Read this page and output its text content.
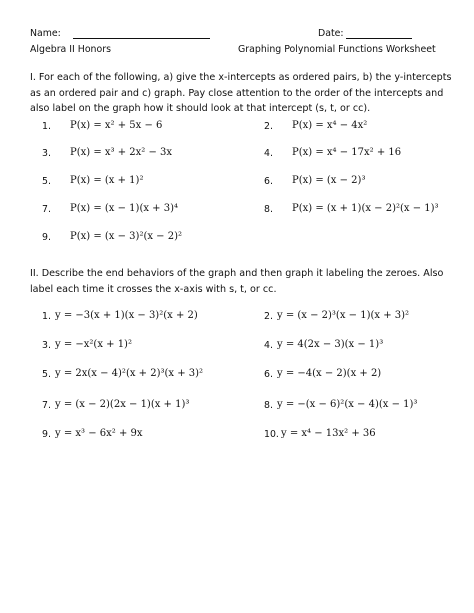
Name:	Date:
Algebra II Honors	Graphing Polynomial Functions Worksheet
I. For each of the following, a) give the x-intercepts as ordered pairs, b) the y-intercepts
as an ordered pair and c) graph. Pay close attention to the order of the intercepts and
also label on the graph how it should look at that intercept (s, t, or cc).
1. P(x) = x² + 5x − 6	2. P(x) = x⁴ − 4x²
3. P(x) = x³ + 2x² − 3x	4. P(x) = x⁴ − 17x² + 16
5. P(x) = (x + 1)²	6. P(x) = (x − 2)³
7. P(x) = (x − 1)(x + 3)⁴	8. P(x) = (x + 1)(x − 2)²(x − 1)³
9. P(x) = (x − 3)²(x − 2)²
II. Describe the end behaviors of the graph and then graph it labeling the zeroes. Also
label each time it crosses the x-axis with s, t, or cc.
1. y = −3(x + 1)(x − 3)²(x + 2)	2. y = (x − 2)³(x − 1)(x + 3)²
3. y = −x²(x + 1)²	4. y = 4(2x − 3)(x − 1)³
5. y = 2x(x − 4)²(x + 2)³(x + 3)²	6. y = −4(x − 2)(x + 2)
7. y = (x − 2)(2x − 1)(x + 1)³	8. y = −(x − 6)²(x − 4)(x − 1)³
9. y = x³ − 6x² + 9x	10. y = x⁴ − 13x² + 36
